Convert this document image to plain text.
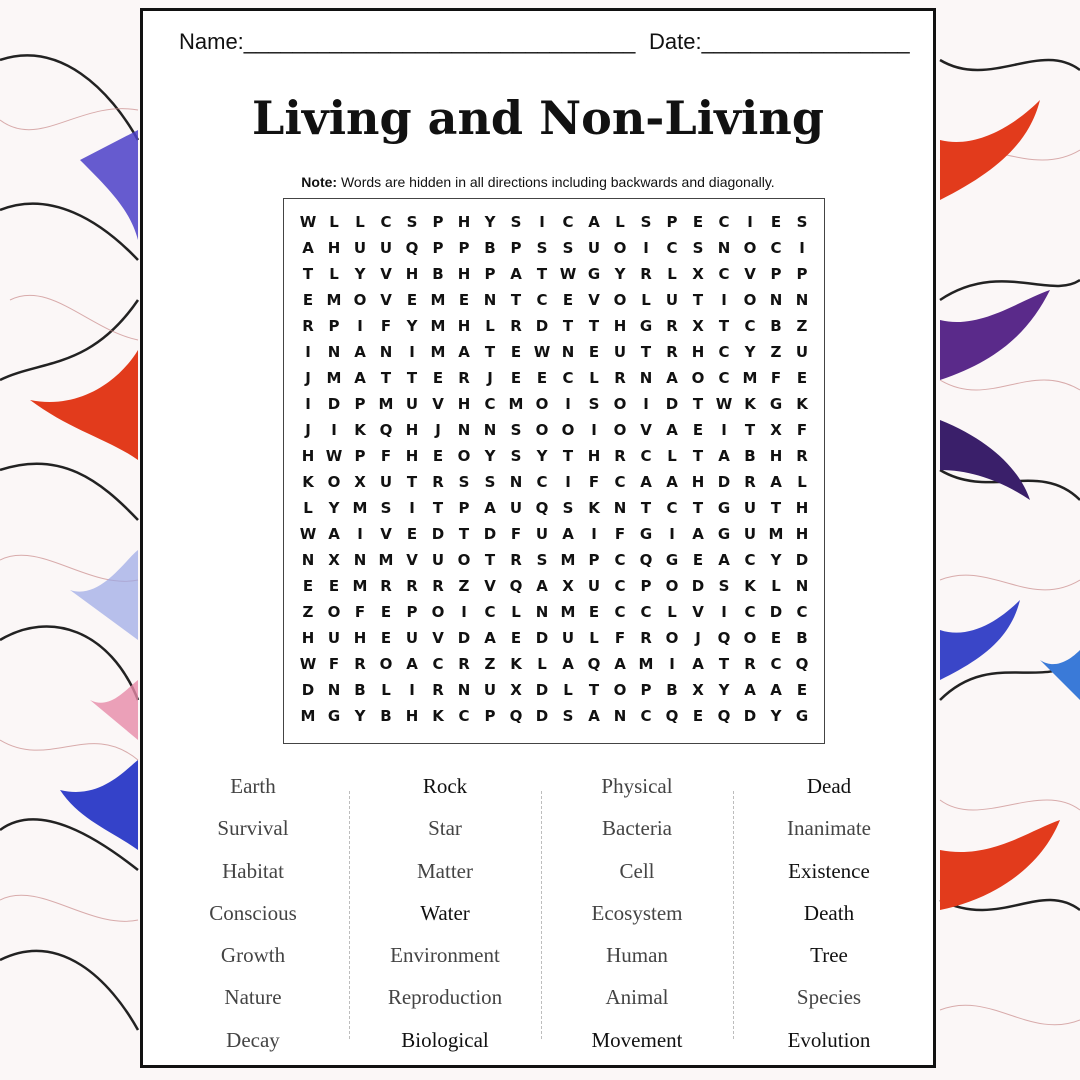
Name:________________________________ Date:_________________
Living and Non-Living
Note: Words are hidden in all directions including backwards and diagonally.
W L	L	C	S	P H Y	S	I	C A	L	S	P	E	C	I	E	S
A H U U Q P	P B P	S	S U O	I	C	S N O C	I
T	L	Y V H B H P A	T W G Y R	L	X C V P	P
E M O V	E M E N T	C	E	V O L	U T	I	O N N
R P	I	F	Y M H L	R D T	T H G R X	T	C B Z
I	N A N	I	M A	T	E W N E U T	R H C	Y	Z U
J	M A	T	T	E	R	J	E	E	C	L	R N A O C M F	E
I	D P M U V H C M O	I	S O	I	D T W K G K
J	I	K Q H	J	N N S O O	I	O V A	E	I	T	X	F
H W P	F H E O Y	S	Y	T H R C	L	T	A B H R
K O X U T	R S	S N C	I	F	C A A H D R A	L
L	Y M S	I	T	P A U Q S K N T	C	T G U T H
W A	I	V	E D T D F U A	I	F G	I	A G U M H
N X N M V U O T	R S M P C Q G E	A C	Y D
E	E M R R R Z V Q A X U C	P O D S K	L N
Z O F	E	P O	I	C	L N M E	C C	L	V	I	C D C
H U H E U V D A	E D U	L	F	R O	J	Q O E	B
W F	R O A C R Z K	L	A Q A M	I	A	T	R C Q
D N B	L	I	R N U X D	L	T O P B X Y A A	E
M G Y B H K C	P Q D S A N C Q E Q D Y G
Earth
Survival
Habitat
Conscious
Growth
Nature
Decay
Rock
Star
Matter
Water
Environment
Reproduction
Biological
Physical
Bacteria
Cell
Ecosystem
Human
Animal
Movement
Dead
Inanimate
Existence
Death
Tree
Species
Evolution
